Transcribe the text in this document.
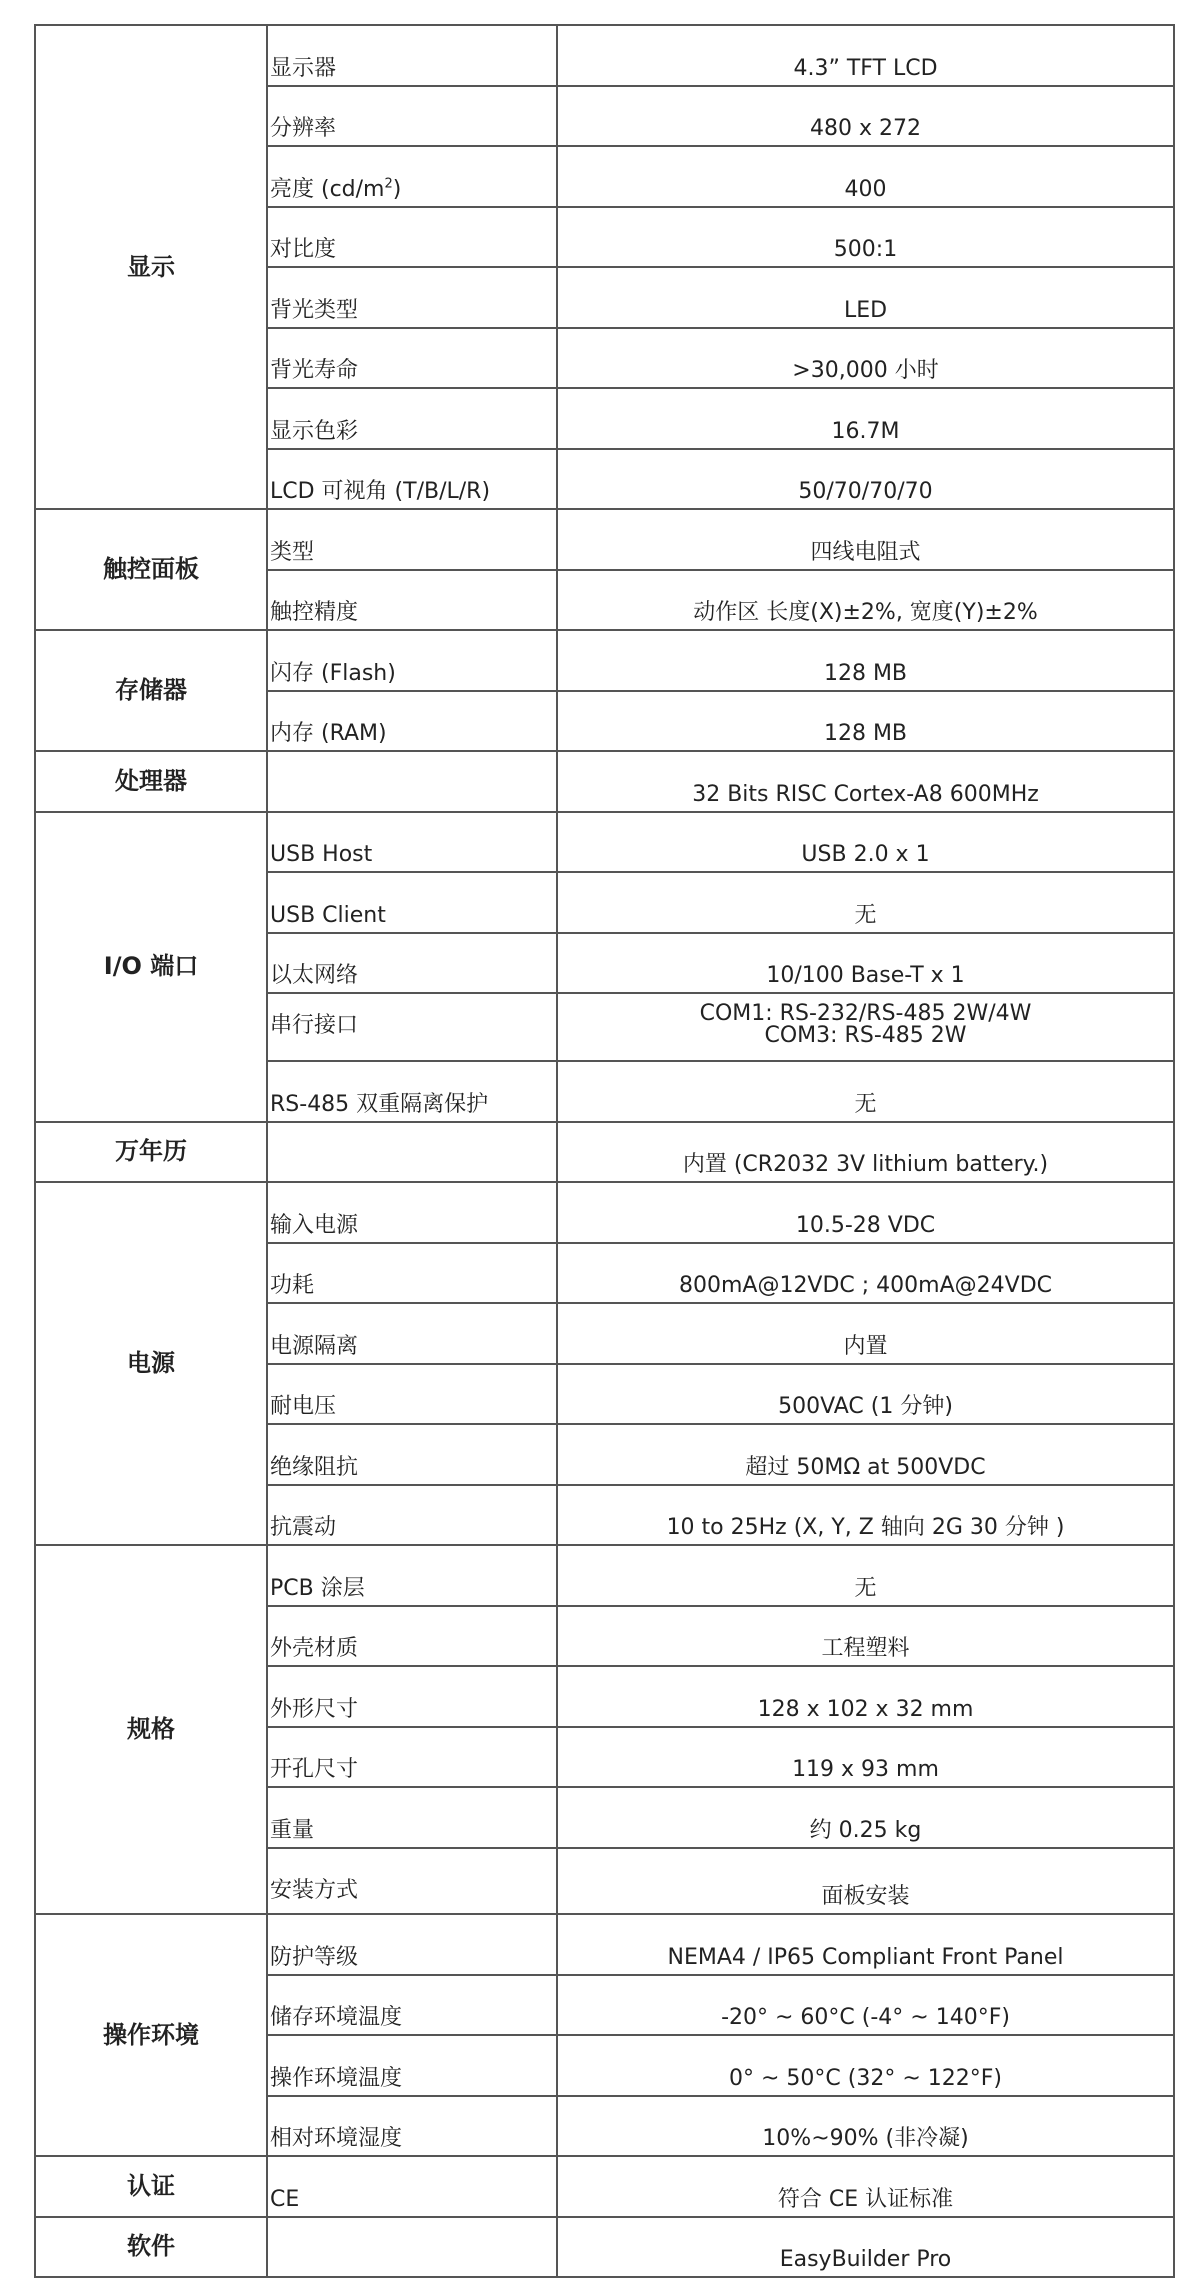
显示	显示器	4.3” TFT LCD
	分辨率	480 x 272
	亮度 $(cd/m^2)$	400
	对比度	500:1
	背光类型	LED
	背光寿命	>30,000 小时
	显示色彩	16.7M
	LCD 可视角 (T/B/L/R)	50/70/70/70
触控面板	类型	四线电阻式
	触控精度	动作区 长度(X)±2%, 宽度(Y)±2%
存储器	闪存 (Flash)	128 MB
	内存 (RAM)	128 MB
处理器		32 Bits RISC Cortex-A8 600MHz
I/O 端口	USB Host	USB 2.0 x 1
	USB Client	无
	以太网络	10/100 Base-T x 1
	串行接口	COM1: RS-232/RS-485 2W/4W
COM3: RS-485 2W

	RS-485 双重隔离保护	无
万年历		内置 (CR2032 3V lithium battery.)
电源	输入电源	10.5-28 VDC
	功耗	800mA@12VDC ; 400mA@24VDC
	电源隔离	内置
	耐电压	500VAC (1 分钟)
	绝缘阻抗	超过 50MΩ at 500VDC
	抗震动	10 to 25Hz (X, Y, Z 轴向 2G 30 分钟 )
规格	PCB 涂层	无
	外壳材质	工程塑料
	外形尺寸	128 x 102 x 32 mm
	开孔尺寸	119 x 93 mm
	重量	约 0.25 kg
	安装方式	面板安装
操作环境	防护等级	NEMA4 / IP65 Compliant Front Panel
	储存环境温度	-20° ~ 60°C (-4° ~ 140°F)
	操作环境温度	0° ~ 50°C (32° ~ 122°F)
	相对环境湿度	10%~90% (非冷凝)
认证	CE	符合 CE 认证标准
软件		EasyBuilder Pro
